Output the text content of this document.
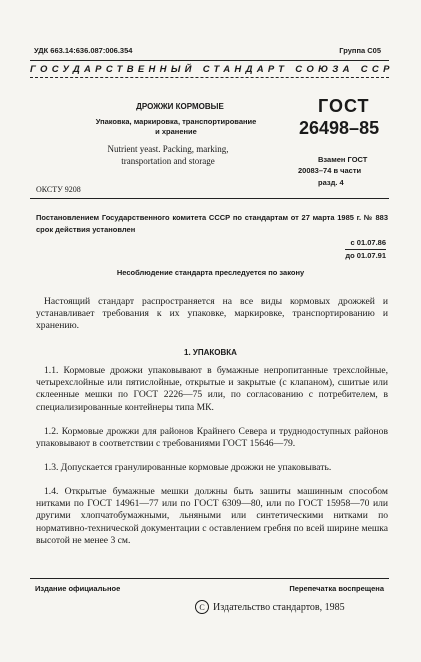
УДК 663.14:636.087:006.354	Группа С05
ГОСУДАРСТВЕННЫЙ СТАНДАРТ СОЮЗА ССР
ДРОЖЖИ КОРМОВЫЕ
Упаковка, маркировка, транспортирование
и хранение
Nutrient yeast. Packing, marking,
transportation and storage
ГОСТ
26498–85
Взамен ГОСТ
20083–74 в части
разд. 4
ОКСТУ 9208
Постановлением Государственного комитета СССР по стандартам от 27 марта 1985 г. № 883 срок действия установлен
с 01.07.86
до 01.07.91
Несоблюдение стандарта преследуется по закону
Настоящий стандарт распространяется на все виды кормовых дрожжей и устанавливает требования к их упаковке, маркировке, транспортированию и хранению.
1. УПАКОВКА
1.1. Кормовые дрожжи упаковывают в бумажные непропитанные трехслойные, четырехслойные или пятислойные, открытые и закрытые (с клапаном), сшитые или склеенные мешки по ГОСТ 2226—75 или, по согласованию с потребителем, в специализированные контейнеры типа МК.
1.2. Кормовые дрожжи для районов Крайнего Севера и труднодоступных районов упаковывают в соответствии с требованиями ГОСТ 15646—79.
1.3. Допускается гранулированные кормовые дрожжи не упаковывать.
1.4. Открытые бумажные мешки должны быть зашиты машинным способом нитками по ГОСТ 14961—77 или по ГОСТ 6309—80, или по ГОСТ 15958—70 или другими хлопчатобумажными, льняными или синтетическими нитками по нормативно-технической документации с оставлением гребня по всей ширине мешка высотой не менее 3 см.
Издание официальное	Перепечатка воспрещена
C Издательство стандартов, 1985
